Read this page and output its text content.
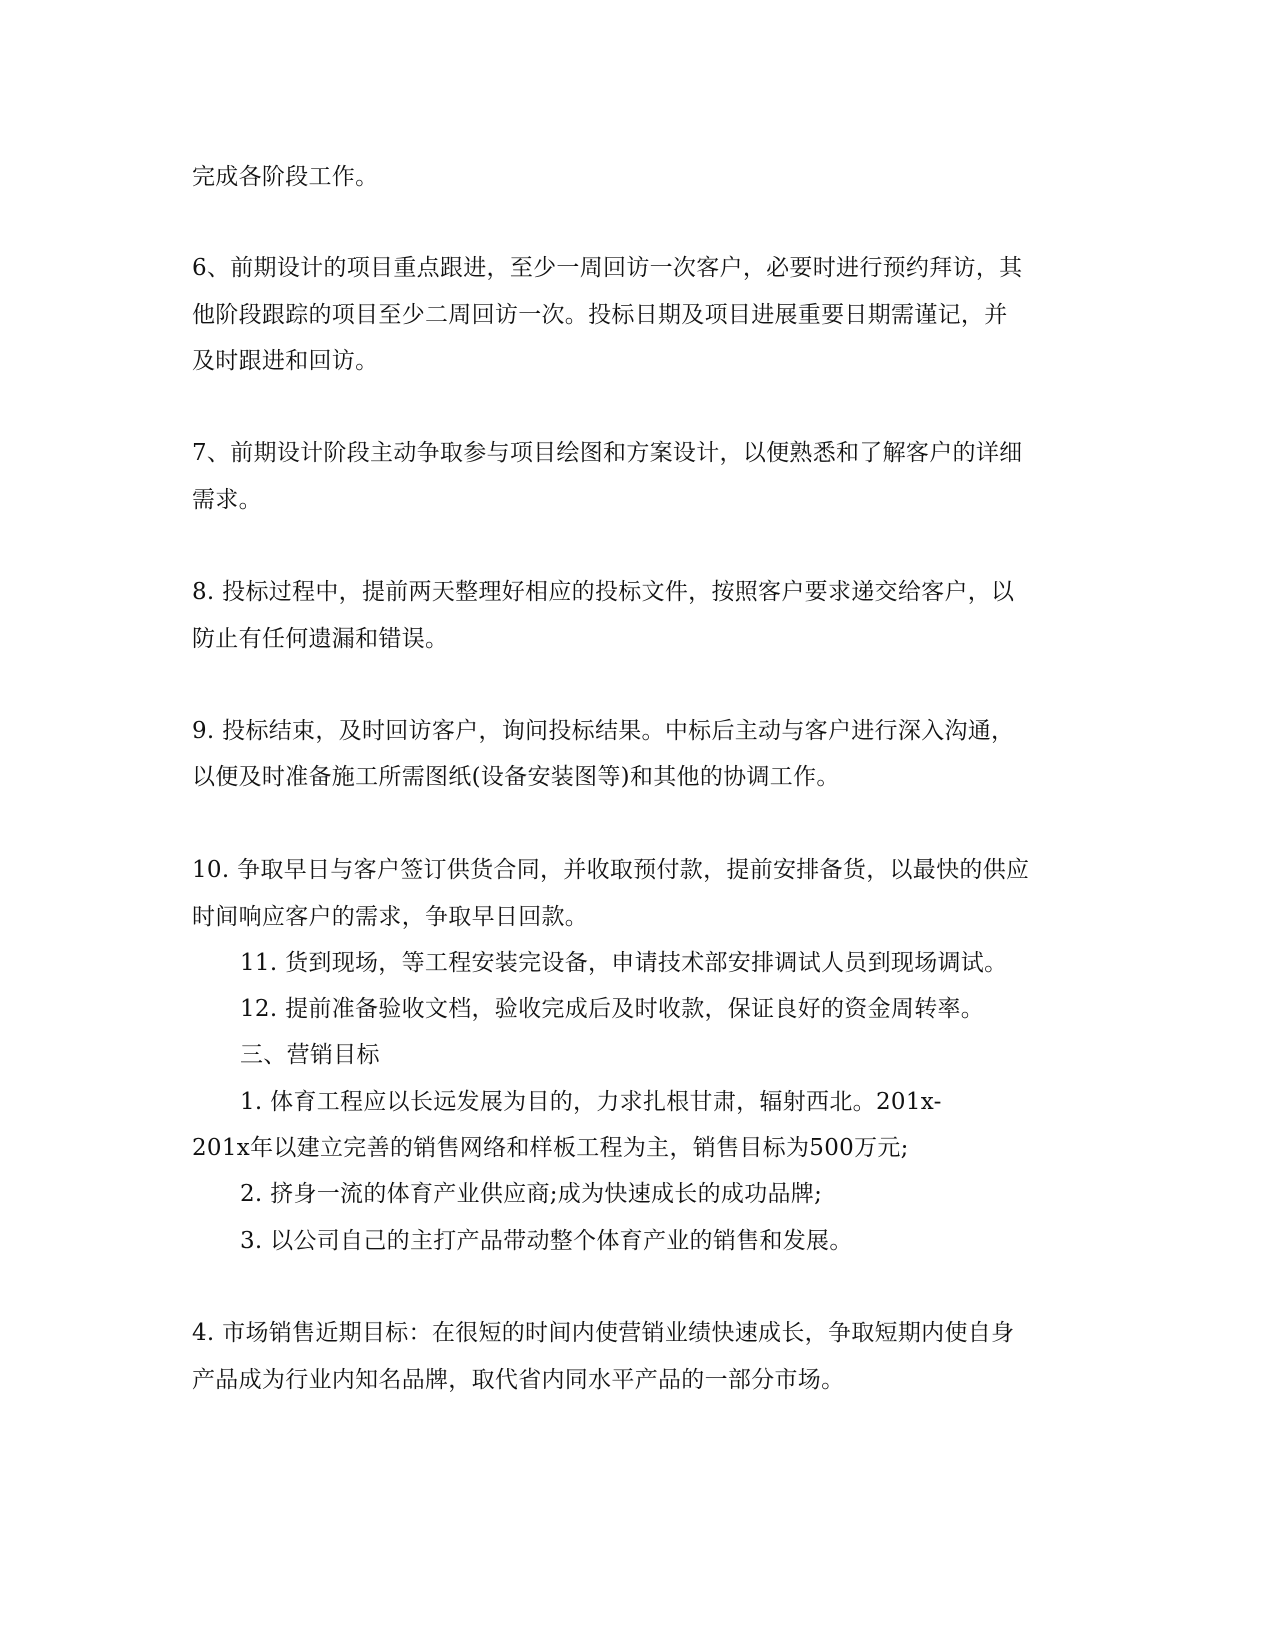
完成各阶段工作。
6、前期设计的项目重点跟进，至少一周回访一次客户，必要时进行预约拜访，其
他阶段跟踪的项目至少二周回访一次。投标日期及项目进展重要日期需谨记，并
及时跟进和回访。
7、前期设计阶段主动争取参与项目绘图和方案设计，以便熟悉和了解客户的详细
需求。
8. 投标过程中，提前两天整理好相应的投标文件，按照客户要求递交给客户，以
防止有任何遗漏和错误。
9. 投标结束，及时回访客户，询问投标结果。中标后主动与客户进行深入沟通，
以便及时准备施工所需图纸(设备安装图等)和其他的协调工作。
10. 争取早日与客户签订供货合同，并收取预付款，提前安排备货，以最快的供应
时间响应客户的需求，争取早日回款。
11. 货到现场，等工程安装完设备，申请技术部安排调试人员到现场调试。
12. 提前准备验收文档，验收完成后及时收款，保证良好的资金周转率。
三、营销目标
1. 体育工程应以长远发展为目的，力求扎根甘肃，辐射西北。201x-
201x年以建立完善的销售网络和样板工程为主，销售目标为500万元;
2. 挤身一流的体育产业供应商;成为快速成长的成功品牌;
3. 以公司自己的主打产品带动整个体育产业的销售和发展。
4. 市场销售近期目标：在很短的时间内使营销业绩快速成长，争取短期内使自身
产品成为行业内知名品牌，取代省内同水平产品的一部分市场。
